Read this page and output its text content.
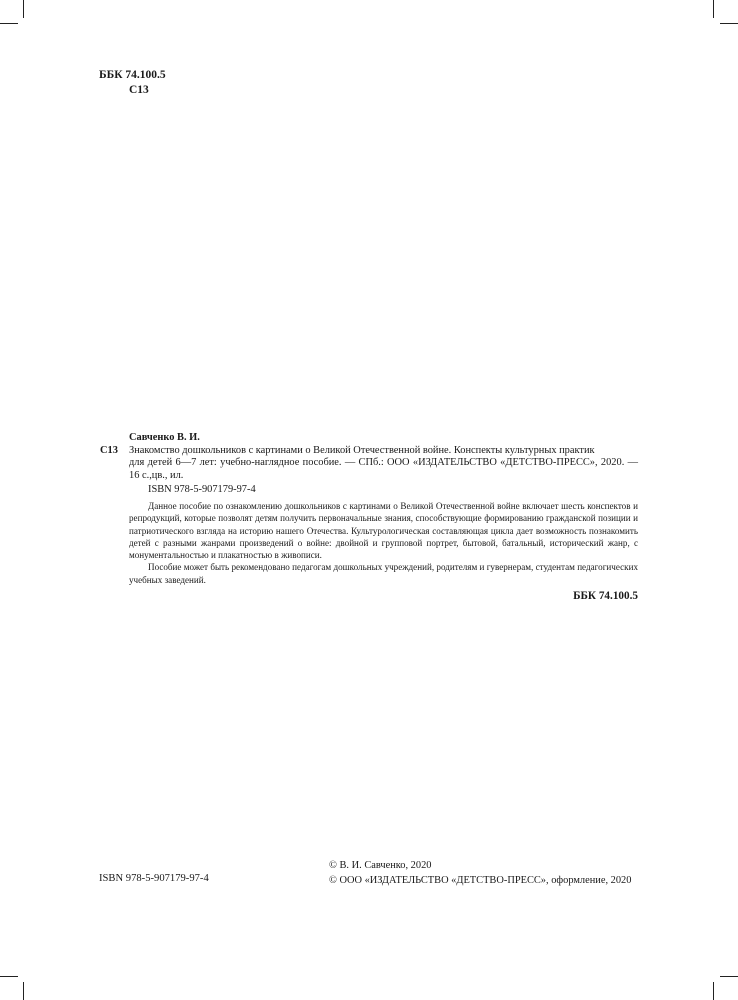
ББК 74.100.5
С13
Савченко В. И.
С13	Знакомство дошкольников с картинами о Великой Отечественной войне. Конспекты культурных практик
для детей 6—7 лет: учебно-наглядное пособие. — СПб.: ООО «ИЗДАТЕЛЬСТВО «ДЕТСТВО-ПРЕСС», 2020. — 16 с.,цв., ил.
ISBN 978-5-907179-97-4

Данное пособие по ознакомлению дошкольников с картинами о Великой Отечественной войне включает шесть конспектов и репродукций, которые позволят детям получить первоначальные знания, способствующие формированию гражданской позиции и патриотического взгляда на историю нашего Отечества. Культурологическая составляющая цикла дает возможность познакомить детей с разными жанрами произведений о войне: двойной и групповой портрет, бытовой, батальный, исторический жанр, с монументальностью и плакатностью в живописи.

Пособие может быть рекомендовано педагогам дошкольных учреждений, родителям и гувернерам, студентам педагогических учебных заведений.

ББК 74.100.5
ISBN 978-5-907179-97-4
© В. И. Савченко, 2020
© ООО «ИЗДАТЕЛЬСТВО «ДЕТСТВО-ПРЕСС», оформление, 2020
